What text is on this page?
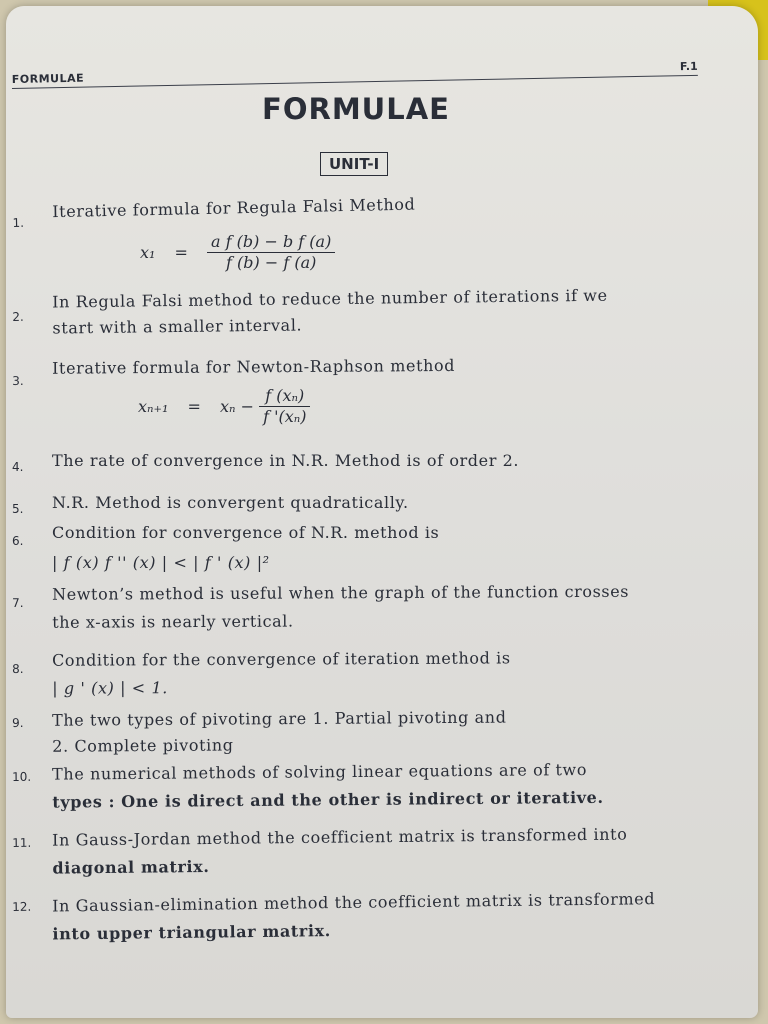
FORMULAE
F.1
FORMULAE
UNIT-I
1.
Iterative formula for Regula Falsi Method
$x_1 = \frac{\text{a f (b) − b f (a)}}{f (b) - f (a)}$
2.
In Regula Falsi method to reduce the number of iterations if we
start with a smaller interval.
3.
Iterative formula for Newton-Raphson method
$x_{n+1} = x_n - \frac{\text{f (xₙ)}}{\text{f '(xₙ)}}$
4. The rate of convergence in N.R. Method is of order 2.
5. N.R. Method is convergent quadratically.
6. Condition for convergence of N.R. method is
| f (x) f '' (x) | < | f ' (x) |²
7. Newton’s method is useful when the graph of the function crosses
the x-axis is nearly vertical.
8. Condition for the convergence of iteration method is
| g ' (x) | < 1.
9. The two types of pivoting are 1. Partial pivoting and
2. Complete pivoting
10. The numerical methods of solving linear equations are of two
types : One is direct and the other is indirect or iterative.
11. In Gauss-Jordan method the coefficient matrix is transformed into
diagonal matrix.
12. In Gaussian-elimination method the coefficient matrix is transformed
into upper triangular matrix.
